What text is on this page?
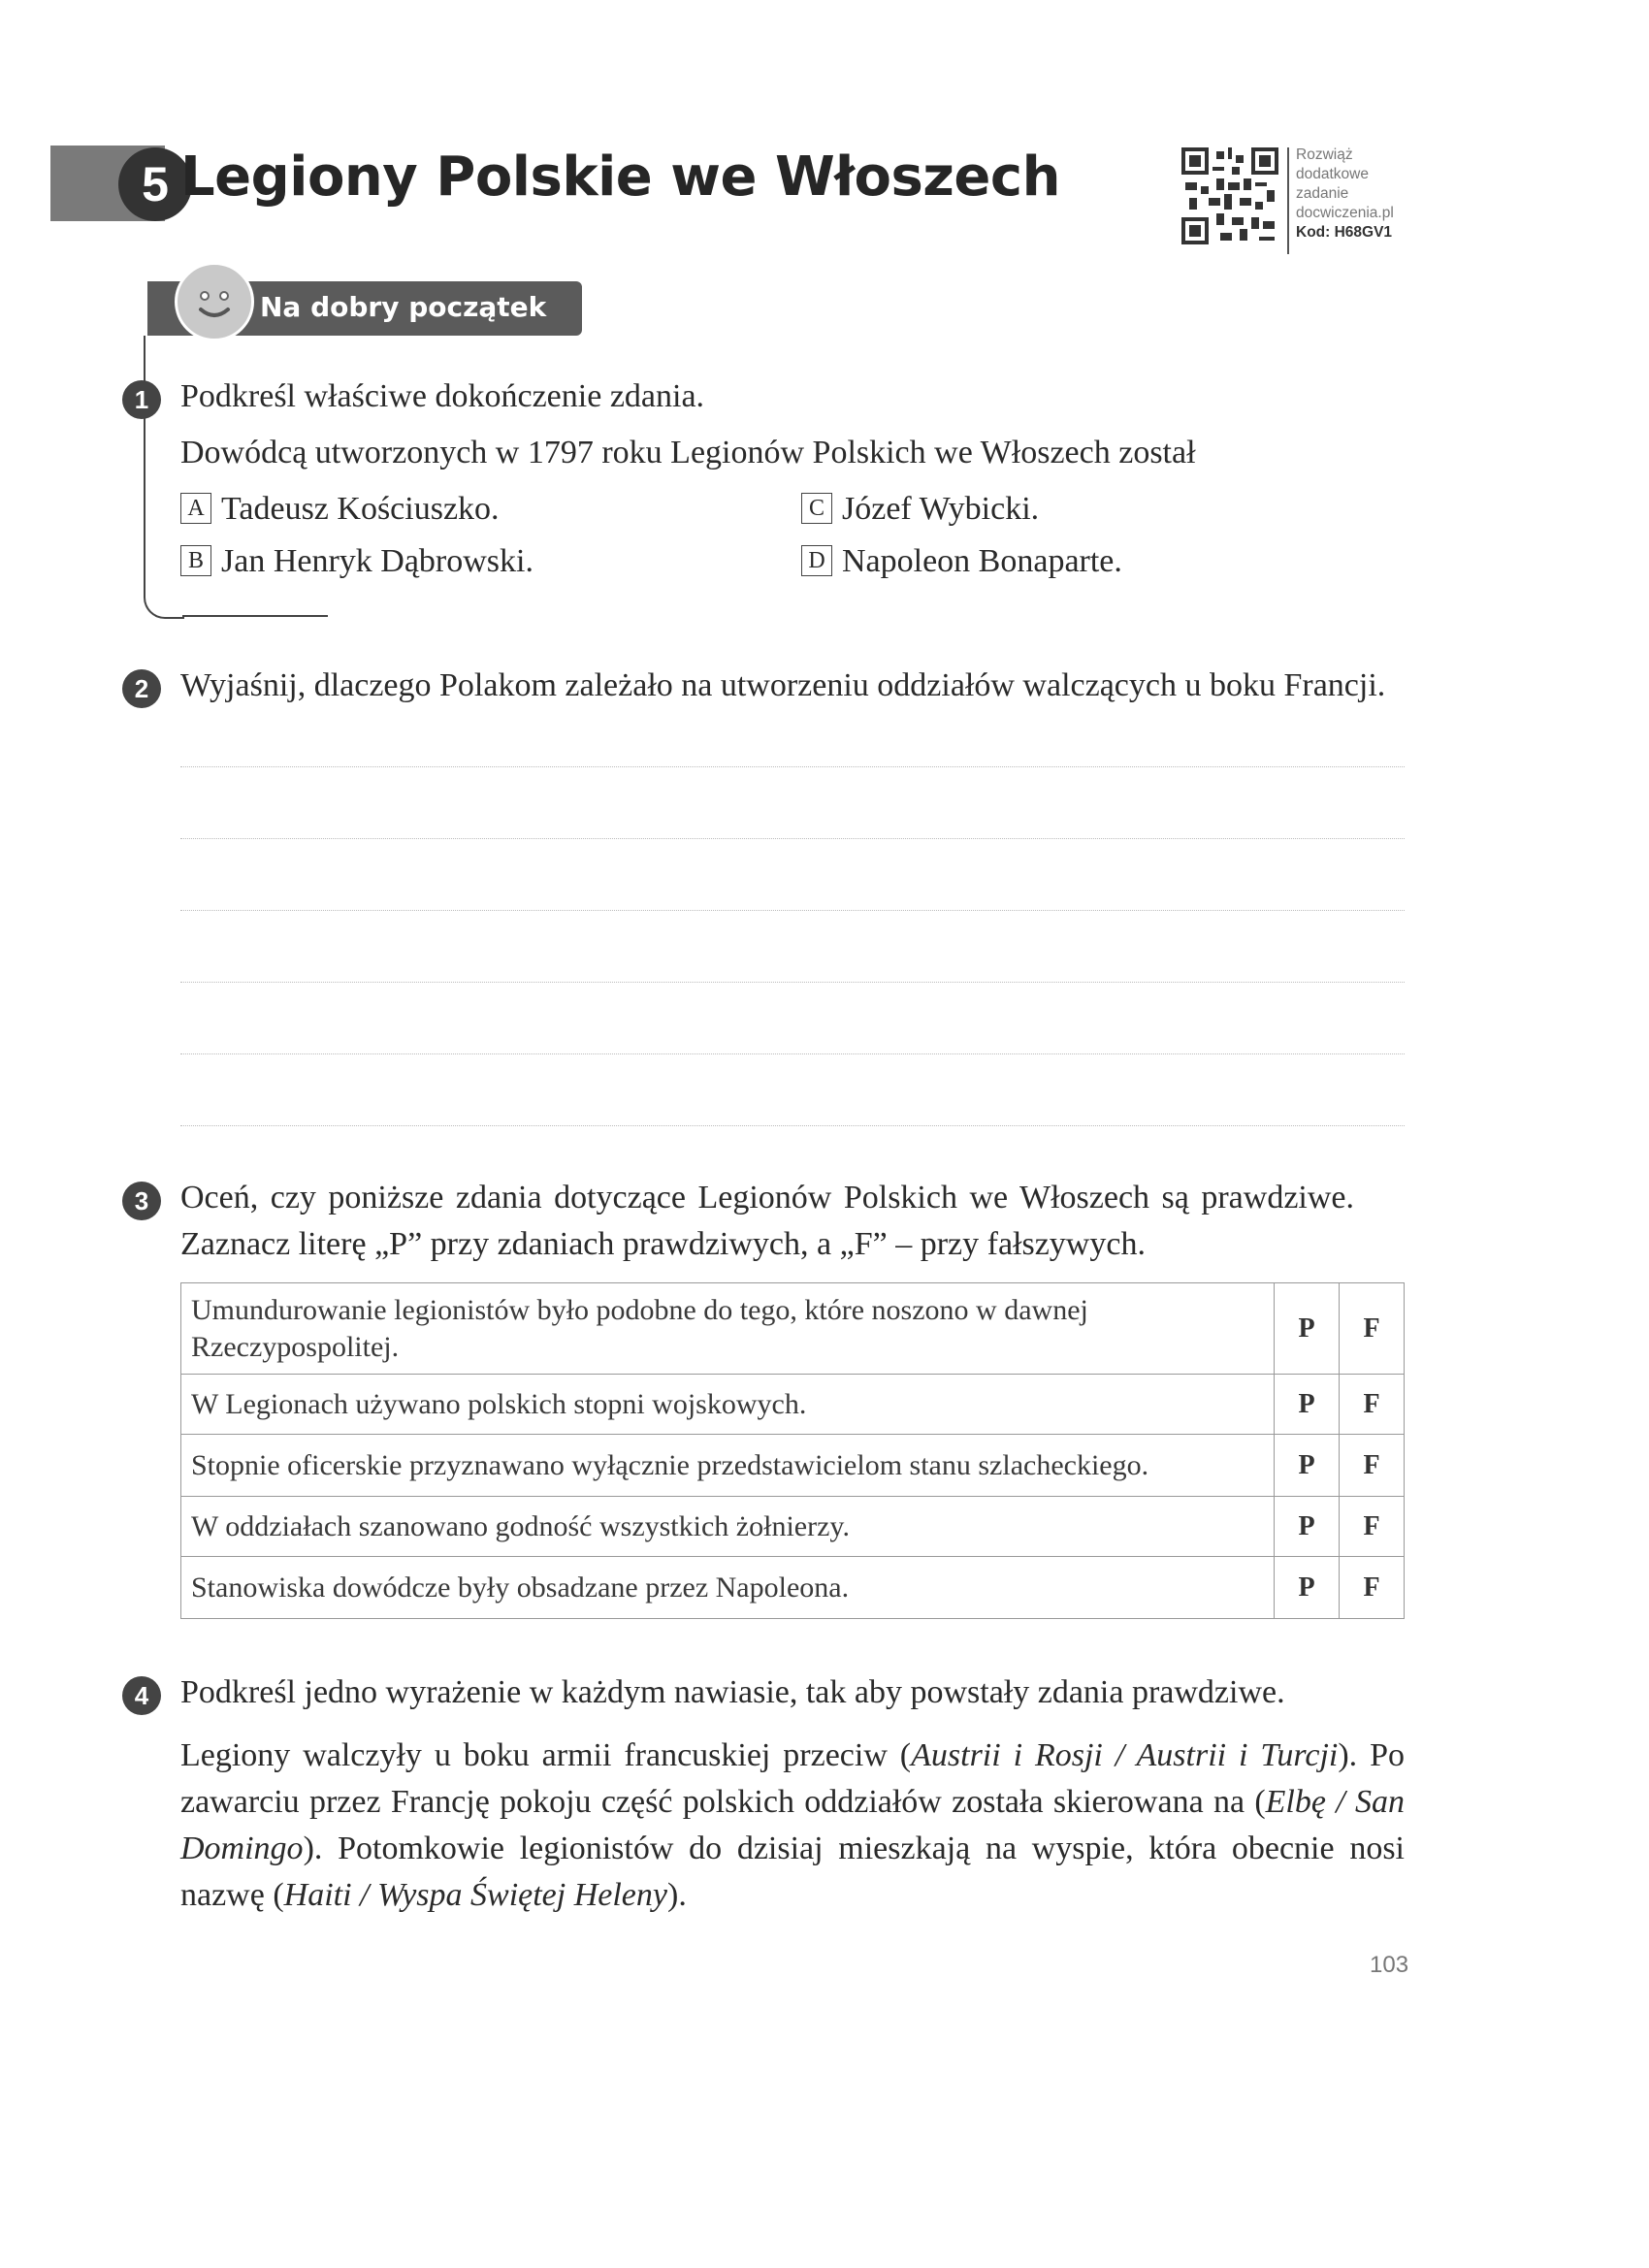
5 Legiony Polskie we Włoszech	Rozwiąż
dodatkowe
zadanie
docwiczenia.pl
Kod: H68GV1
Na dobry początek
1 Podkreśl właściwe dokończenie zdania.
Dowódcą utworzonych w 1797 roku Legionów Polskich we Włoszech został
A Tadeusz Kościuszko.
B Jan Henryk Dąbrowski.
C Józef Wybicki.
D Napoleon Bonaparte.
2 Wyjaśnij, dlaczego Polakom zależało na utworzeniu oddziałów walczących u boku Francji.
3 Oceń, czy poniższe zdania dotyczące Legionów Polskich we Włoszech są prawdziwe.
Zaznacz literę „P” przy zdaniach prawdziwych, a „F” – przy fałszywych.
Umundurowanie legionistów było podobne do tego, które noszono w dawnej Rzeczypospolitej.	P	F
W Legionach używano polskich stopni wojskowych.	P	F
Stopnie oficerskie przyznawano wyłącznie przedstawicielom stanu szlacheckiego.	P	F
W oddziałach szanowano godność wszystkich żołnierzy.	P	F
Stanowiska dowódcze były obsadzane przez Napoleona.	P	F
4 Podkreśl jedno wyrażenie w każdym nawiasie, tak aby powstały zdania prawdziwe.
Legiony walczyły u boku armii francuskiej przeciw (Austrii i Rosji / Austrii i Turcji). Po zawarciu przez Francję pokoju część polskich oddziałów została skierowana na (Elbę / San Domingo). Potomkowie legionistów do dzisiaj mieszkają na wyspie, która obecnie nosi nazwę (Haiti / Wyspa Świętej Heleny).
103
